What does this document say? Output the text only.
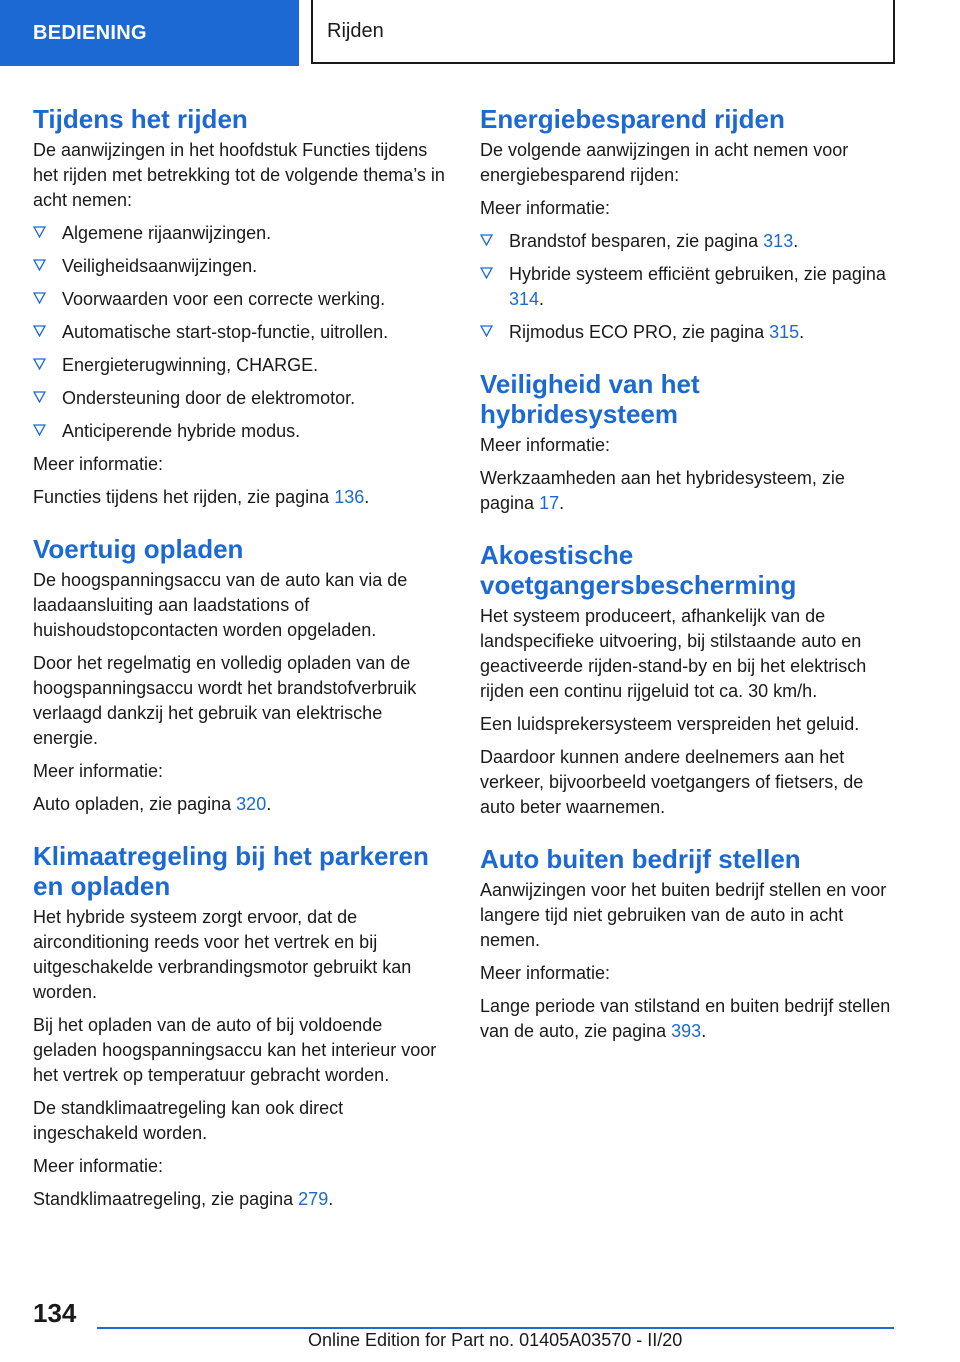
BEDIENING	Rijden
Tijdens het rijden

De aanwijzingen in het hoofdstuk Functies tijdens het rijden met betrekking tot de volgende thema’s in acht nemen:

Algemene rijaanwijzingen.
Veiligheidsaanwijzingen.
Voorwaarden voor een correcte werking.
Automatische start-stop-functie, uitrollen.
Energieterugwinning, CHARGE.
Ondersteuning door de elektromotor.
Anticiperende hybride modus.

Meer informatie:

Functies tijdens het rijden, zie pagina 136.

Voertuig opladen

De hoogspanningsaccu van de auto kan via de laadaansluiting aan laadstations of huishoudstopcontacten worden opgeladen.

Door het regelmatig en volledig opladen van de hoogspanningsaccu wordt het brandstofverbruik verlaagd dankzij het gebruik van elektrische energie.

Meer informatie:

Auto opladen, zie pagina 320.

Klimaatregeling bij het parkeren en opladen

Het hybride systeem zorgt ervoor, dat de airconditioning reeds voor het vertrek en bij uitgeschakelde verbrandingsmotor gebruikt kan worden.

Bij het opladen van de auto of bij voldoende geladen hoogspanningsaccu kan het interieur voor het vertrek op temperatuur gebracht worden.

De standklimaatregeling kan ook direct ingeschakeld worden.

Meer informatie:

Standklimaatregeling, zie pagina 279.

Energiebesparend rijden

De volgende aanwijzingen in acht nemen voor energiebesparend rijden:

Meer informatie:

Brandstof besparen, zie pagina 313.
Hybride systeem efficiënt gebruiken, zie pagina 314.
Rijmodus ECO PRO, zie pagina 315.
Veiligheid van het hybridesysteem

Meer informatie:

Werkzaamheden aan het hybridesysteem, zie pagina 17.

Akoestische voetgangersbescherming

Het systeem produceert, afhankelijk van de landspecifieke uitvoering, bij stilstaande auto en geactiveerde rijden-stand-by en bij het elektrisch rijden een continu rijgeluid tot ca. 30 km/h.

Een luidsprekersysteem verspreiden het geluid.

Daardoor kunnen andere deelnemers aan het verkeer, bijvoorbeeld voetgangers of fietsers, de auto beter waarnemen.

Auto buiten bedrijf stellen

Aanwijzingen voor het buiten bedrijf stellen en voor langere tijd niet gebruiken van de auto in acht nemen.

Meer informatie:

Lange periode van stilstand en buiten bedrijf stellen van de auto, zie pagina 393.

134
Online Edition for Part no. 01405A03570 - II/20
